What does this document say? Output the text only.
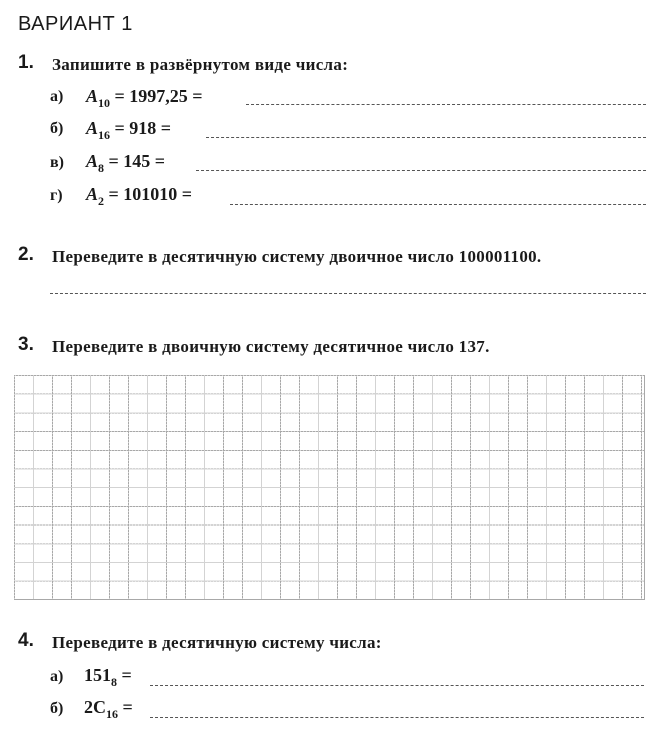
ВАРИАНТ 1
1. Запишите в развёрнутом виде числа:
а) $A_{10} = 1997,25$ =
б) $A_{16} = 918$ =
в) $A_8 = 145$ =
г) $A_2 = 101010$ =
2. Переведите в десятичную систему двоичное число 100001100.
3. Переведите в двоичную систему десятичное число 137.
4. Переведите в десятичную систему числа:
а) $151_8$ =
б) $2C_{16}$ =
